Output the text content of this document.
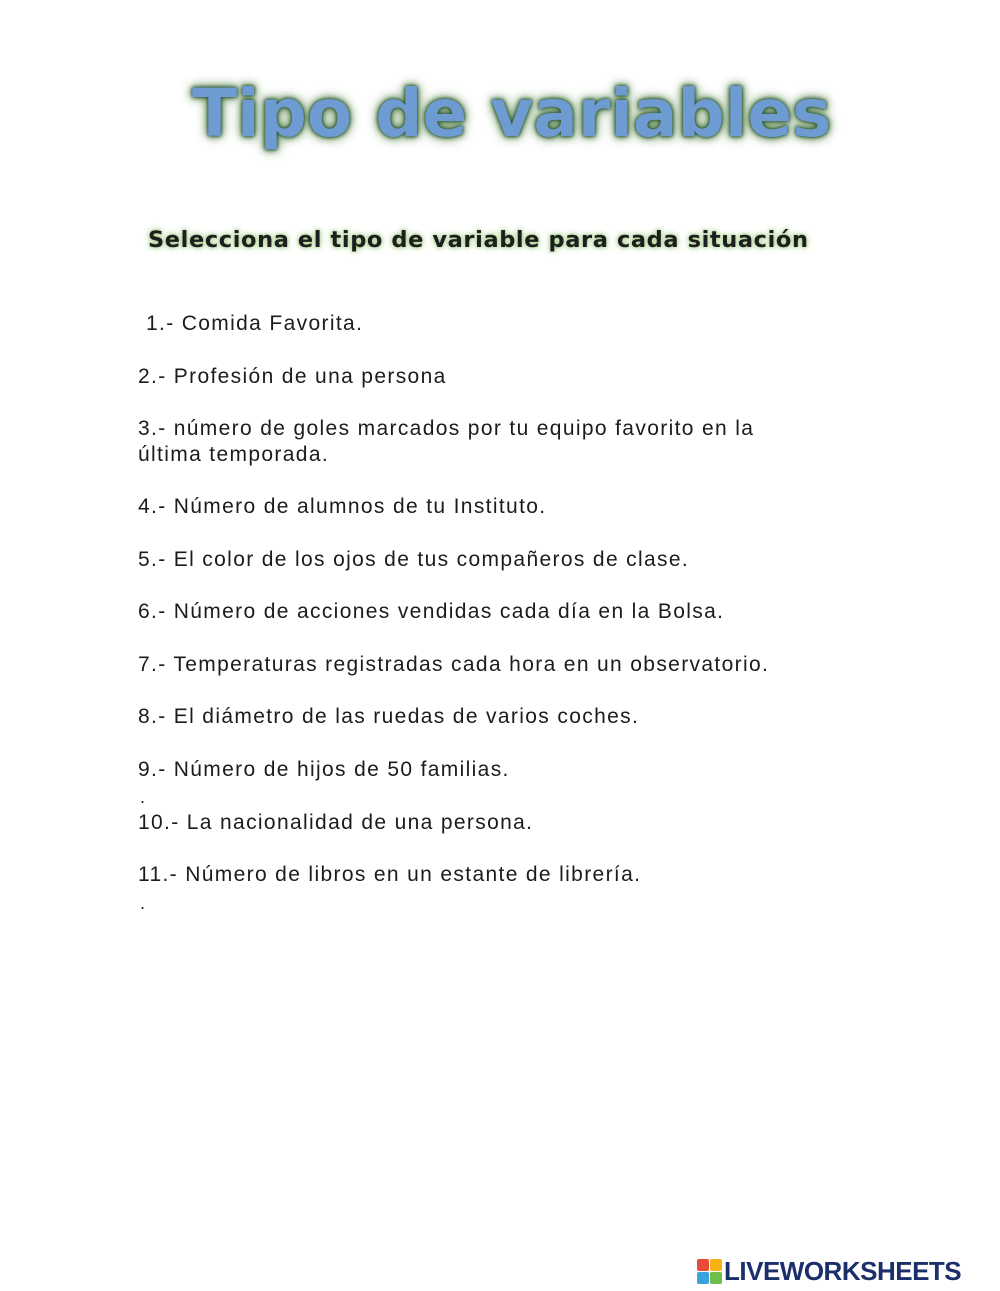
Tipo de variables
Selecciona el tipo de variable para cada situación
1.- Comida Favorita.
2.- Profesión de una persona
3.- número de goles marcados por tu equipo favorito en la
última temporada.
4.- Número de alumnos de tu Instituto.
5.- El color de los ojos de tus compañeros de clase.
6.- Número de acciones vendidas cada día en la Bolsa.
7.- Temperaturas registradas cada hora en un observatorio.
8.- El diámetro de las ruedas de varios coches.
9.- Número de hijos de 50 familias.
.
10.- La nacionalidad de una persona.
11.- Número de libros en un estante de librería.
.
LIVEWORKSHEETS
